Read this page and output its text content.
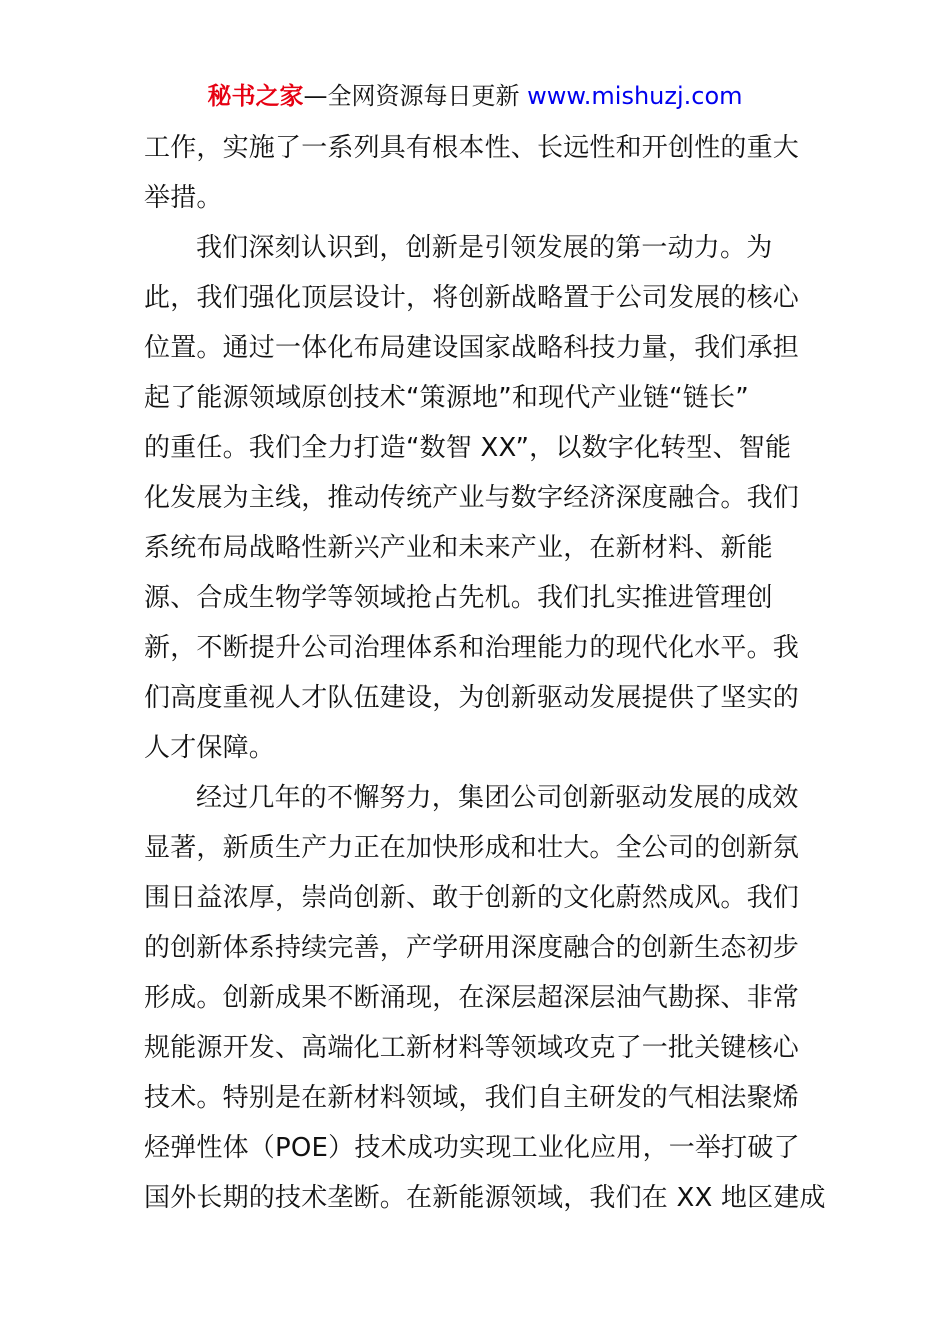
秘书之家—全网资源每日更新 www.mishuzj.com

工作，实施了一系列具有根本性、长远性和开创性的重大
举措。

我们深刻认识到，创新是引领发展的第一动力。为
此，我们强化顶层设计，将创新战略置于公司发展的核心
位置。通过一体化布局建设国家战略科技力量，我们承担
起了能源领域原创技术“策源地”和现代产业链“链长”
的重任。我们全力打造“数智 XX”，以数字化转型、智能
化发展为主线，推动传统产业与数字经济深度融合。我们
系统布局战略性新兴产业和未来产业，在新材料、新能
源、合成生物学等领域抢占先机。我们扎实推进管理创
新，不断提升公司治理体系和治理能力的现代化水平。我
们高度重视人才队伍建设，为创新驱动发展提供了坚实的
人才保障。

经过几年的不懈努力，集团公司创新驱动发展的成效
显著，新质生产力正在加快形成和壮大。全公司的创新氛
围日益浓厚，崇尚创新、敢于创新的文化蔚然成风。我们
的创新体系持续完善，产学研用深度融合的创新生态初步
形成。创新成果不断涌现，在深层超深层油气勘探、非常
规能源开发、高端化工新材料等领域攻克了一批关键核心
技术。特别是在新材料领域，我们自主研发的气相法聚烯
烃弹性体（POE）技术成功实现工业化应用，一举打破了
国外长期的技术垄断。在新能源领域，我们在 XX 地区建成
